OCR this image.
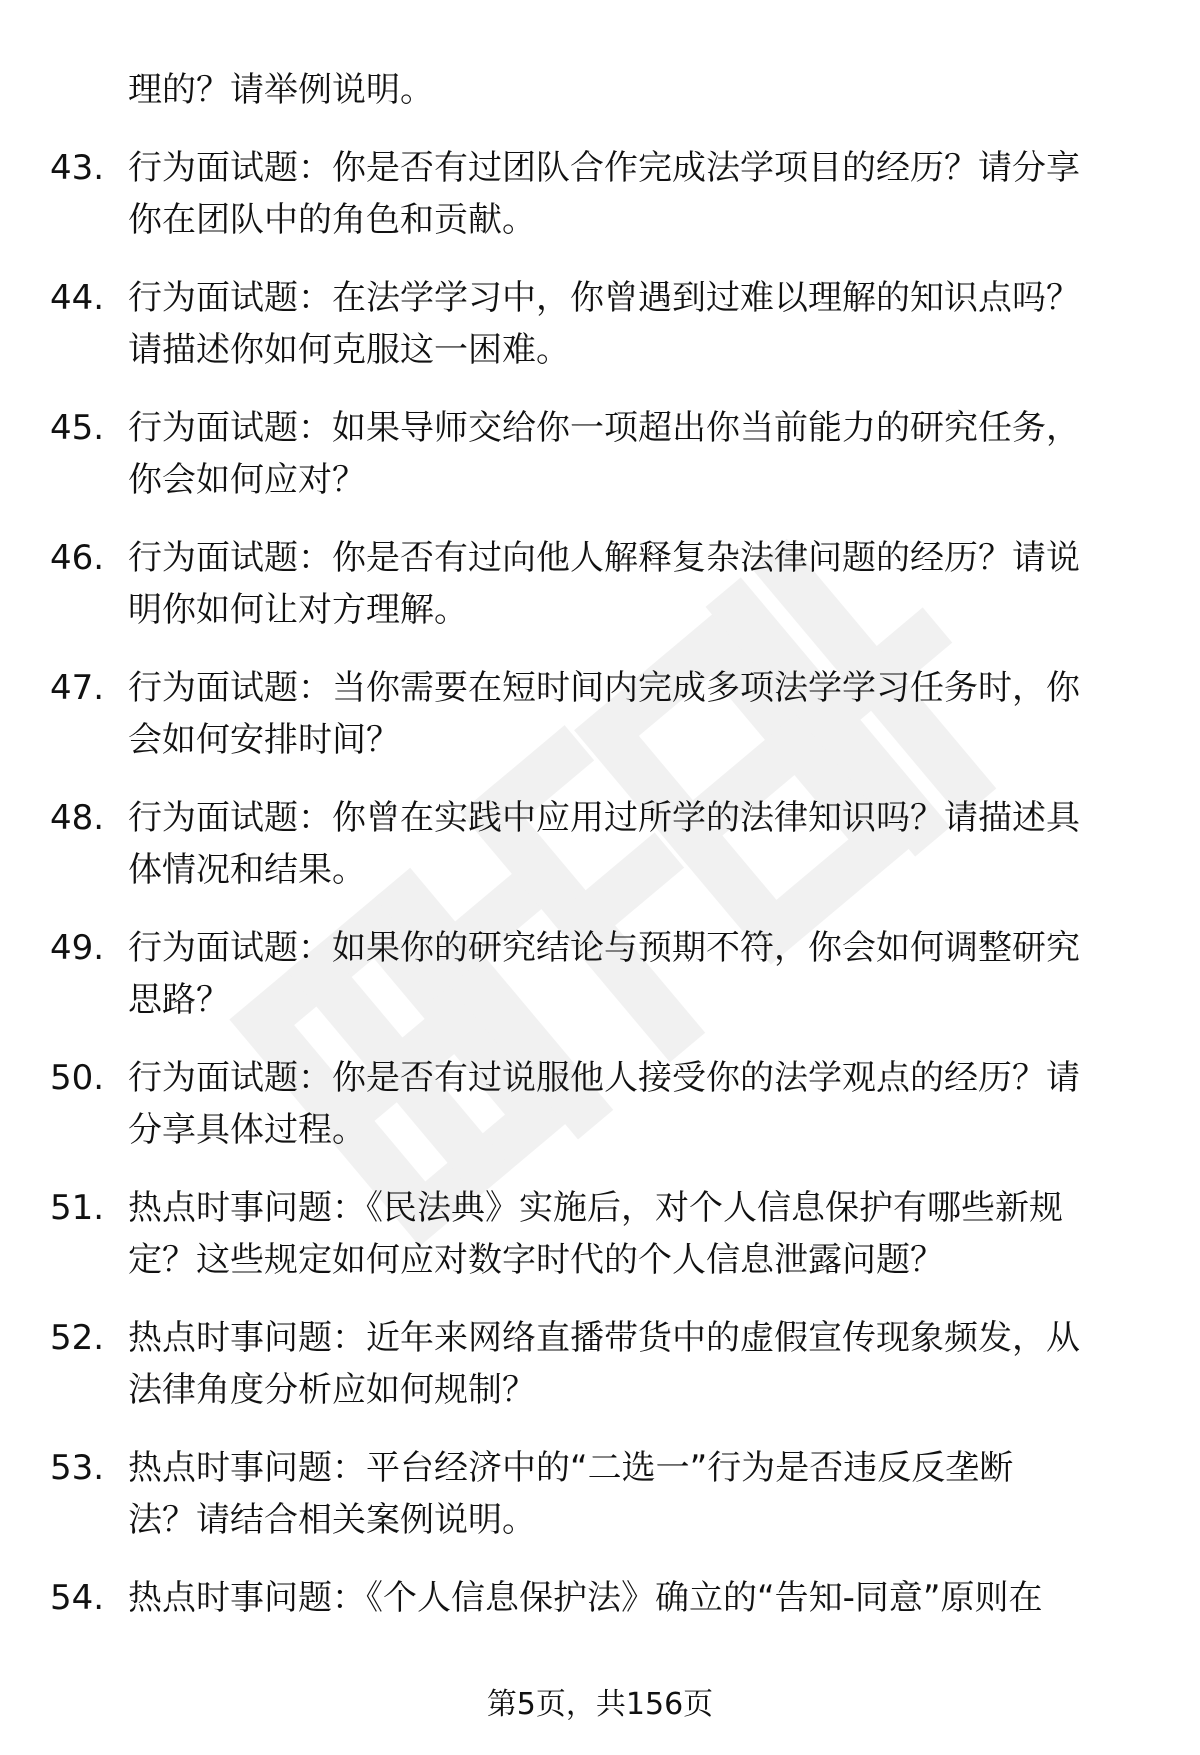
理的？请举例说明。
43. 行为面试题：你是否有过团队合作完成法学项目的经历？请分享
你在团队中的角色和贡献。
44. 行为面试题：在法学学习中，你曾遇到过难以理解的知识点吗？
请描述你如何克服这一困难。
45. 行为面试题：如果导师交给你一项超出你当前能力的研究任务，
你会如何应对？
46. 行为面试题：你是否有过向他人解释复杂法律问题的经历？请说
明你如何让对方理解。
47. 行为面试题：当你需要在短时间内完成多项法学学习任务时，你
会如何安排时间？
48. 行为面试题：你曾在实践中应用过所学的法律知识吗？请描述具
体情况和结果。
49. 行为面试题：如果你的研究结论与预期不符，你会如何调整研究
思路？
50. 行为面试题：你是否有过说服他人接受你的法学观点的经历？请
分享具体过程。
51. 热点时事问题：《民法典》实施后，对个人信息保护有哪些新规
定？这些规定如何应对数字时代的个人信息泄露问题？
52. 热点时事问题：近年来网络直播带货中的虚假宣传现象频发，从
法律角度分析应如何规制？
53. 热点时事问题：平台经济中的“二选一”行为是否违反反垄断
法？请结合相关案例说明。
54. 热点时事问题：《个人信息保护法》确立的“告知-同意”原则在
第5页，共156页
